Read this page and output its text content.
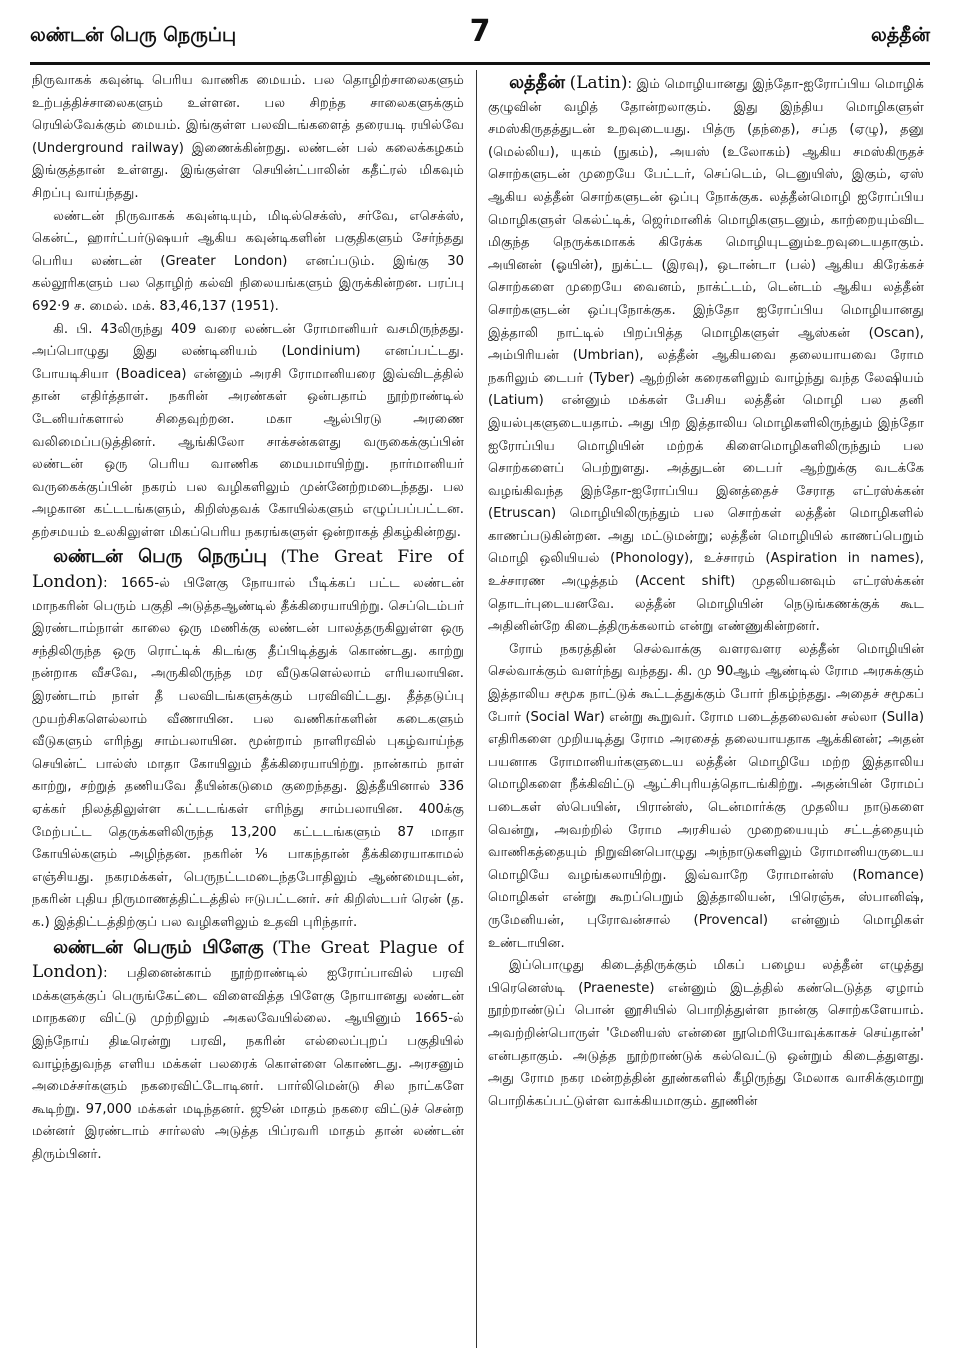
லண்டன் பெரு நெருப்பு	7	லத்தீன்

நிருவாகக் கவுன்டி பெரிய வாணிக மையம். பல தொழிற்சாலைகளும் உற்பத்திச்சாலைகளும் உள்ளன. பல சிறந்த சாலைகளுக்கும் ரெயில்வேக்கும் மையம். இங்குள்ள பலவிடங்களைத் தரையடி ரயில்வே (Underground railway) இணைக்கின்றது. லண்டன் பல் கலைக்கழகம் இங்குத்தான் உள்ளது. இங்குள்ள செயின்ட்பாலின் கதீட்ரல் மிகவும் சிறப்பு வாய்ந்தது.

லண்டன் நிருவாகக் கவுன்டியும், மிடில்செக்ஸ், சர்வே, எசெக்ஸ், கென்ட், ஹார்ட்பர்டுஷயர் ஆகிய கவுன்டிகளின் பகுதிகளும் சேர்ந்தது பெரிய லண்டன் (Greater London) எனப்படும். இங்கு 30 கல்லூரிகளும் பல தொழிற் கல்வி நிலையங்களும் இருக்கின்றன. பரப்பு 692·9 ச. மைல். மக். 83,46,137 (1951).

கி. பி. 43லிருந்து 409 வரை லண்டன் ரோமானியர் வசமிருந்தது. அப்பொழுது இது லண்டினியம் (Londinium) எனப்பட்டது. போயடிசியா (Boadicea) என்னும் அரசி ரோமானியரை இவ்விடத்தில் தான் எதிர்த்தாள். நகரின் அரண்கள் ஒன்பதாம் நூற்றாண்டில் டேனியர்களால் சிதைவுற்றன. மகா ஆல்பிரடு அரணை வலிமைப்படுத்தினர். ஆங்கிலோ சாக்சன்களது வருகைக்குப்பின் லண்டன் ஒரு பெரிய வாணிக மையமாயிற்று. நார்மானியர் வருகைக்குப்பின் நகரம் பல வழிகளிலும் முன்னேற்றமடைந்தது. பல அழகான கட்டடங்களும், கிறிஸ்தவக் கோயில்களும் எழுப்பப்பட்டன. தற்சமயம் உலகிலுள்ள மிகப்பெரிய நகரங்களுள் ஒன்றாகத் திகழ்கின்றது.

லண்டன் பெரு நெருப்பு (The Great Fire of London): 1665-ல் பிளேகு நோயால் பீடிக்கப் பட்ட லண்டன் மாநகரின் பெரும் பகுதி அடுத்தஆண்டில் தீக்கிரையாயிற்று. செப்டெம்பர் இரண்டாம்நாள் காலை ஒரு மணிக்கு லண்டன் பாலத்தருகிலுள்ள ஒரு சந்திலிருந்த ஒரு ரொட்டிக் கிடங்கு தீப்பிடித்துக் கொண்டது. காற்று நன்றாக வீசவே, அருகிலிருந்த மர வீடுகளெல்லாம் எரியலாயின. இரண்டாம் நாள் தீ பலவிடங்களுக்கும் பரவிவிட்டது. தீத்தடுப்பு முயற்சிகளெல்லாம் வீணாயின. பல வணிகர்களின் கடைகளும் வீடுகளும் எரிந்து சாம்பலாயின. மூன்றாம் நாளிரவில் புகழ்வாய்ந்த செயின்ட் பால்ஸ் மாதா கோயிலும் தீக்கிரையாயிற்று. நான்காம் நாள் காற்று, சற்றுத் தணியவே தீயின்கடுமை குறைந்தது. இத்தீயினால் 336 ஏக்கர் நிலத்திலுள்ள கட்டடங்கள் எரிந்து சாம்பலாயின. 400க்கு மேற்பட்ட தெருக்களிலிருந்த 13,200 கட்டடங்களும் 87 மாதா கோயில்களும் அழிந்தன. நகரின் ⅙ பாகந்தான் தீக்கிரையாகாமல் எஞ்சியது. நகரமக்கள், பெருநட்டமடைந்தபோதிலும் ஆண்மையுடன், நகரின் புதிய நிருமாணத்திட்டத்தில் ஈடுபட்டனர். சர் கிறிஸ்டபர் ரென் (த. க.) இத்திட்டத்திற்குப் பல வழிகளிலும் உதவி புரிந்தார்.

லண்டன் பெரும் பிளேகு (The Great Plague of London): பதினைன்காம் நூற்றாண்டில் ஐரோப்பாவில் பரவி மக்களுக்குப் பெருங்கேட்டை விளைவித்த பிளேகு நோயானது லண்டன் மாநகரை விட்டு முற்றிலும் அகலவேயில்லை. ஆயினும் 1665-ல் இந்நோய் திடீரென்று பரவி, நகரின் எல்லைப்புறப் பகுதியில் வாழ்ந்துவந்த எளிய மக்கள் பலரைக் கொள்ளை கொண்டது. அரசனும் அமைச்சர்களும் நகரைவிட்டோடினர். பார்லிமென்டு சில நாட்களே கூடிற்று. 97,000 மக்கள் மடிந்தனர். ஜூன் மாதம் நகரை விட்டுச் சென்ற மன்னர் இரண்டாம் சார்லஸ் அடுத்த பிப்ரவரி மாதம் தான் லண்டன் திரும்பினர்.

லத்தீன் (Latin): இம் மொழியானது இந்தோ-ஐரோப்பிய மொழிக் குழுவின் வழித் தோன்றலாகும். இது இந்திய மொழிகளுள் சமஸ்கிருதத்துடன் உறவுடையது. பித்ரு (தந்தை), சப்த (ஏழு), தனு (மெல்லிய), யுகம் (நுகம்), அயஸ் (உலோகம்) ஆகிய சமஸ்கிருதச் சொற்களுடன் முறையே பேட்டர், செப்டெம், டெனுயிஸ், இகும், ஏஸ் ஆகிய லத்தீன் சொற்களுடன் ஒப்பு நோக்குக. லத்தீன்மொழி ஐரோப்பிய மொழிகளுள் கெல்ட்டிக், ஜெர்மானிக் மொழிகளுடனும், காற்றையும்விட மிகுந்த நெருக்கமாகக் கிரேக்க மொழியுடனும்உறவுடையதாகும். அயினன் (ஓயின்), நுக்ட்ட (இரவு), ஒடான்டா (பல்) ஆகிய கிரேக்கச் சொற்களை முறையே வைனம், நாக்ட்டம், டென்டம் ஆகிய லத்தீன் சொற்களுடன் ஒப்புநோக்குக. இந்தோ ஐரோப்பிய மொழியானது இத்தாலி நாட்டில் பிறப்பித்த மொழிகளுள் ஆஸ்கன் (Oscan), அம்பிரியன் (Umbrian), லத்தீன் ஆகியவை தலையாயவை ரோம நகரிலும் டைபர் (Tyber) ஆற்றின் கரைகளிலும் வாழ்ந்து வந்த லேஷியம் (Latium) என்னும் மக்கள் பேசிய லத்தீன் மொழி பல தனி இயல்புகளுடையதாம். அது பிற இத்தாலிய மொழிகளிலிருந்தும் இந்தோ ஐரோப்பிய மொழியின் மற்றக் கிளைமொழிகளிலிருந்தும் பல சொற்களைப் பெற்றுளது. அத்துடன் டைபர் ஆற்றுக்கு வடக்கே வழங்கிவந்த இந்தோ-ஐரோப்பிய இனத்தைச் சேராத எட்ரஸ்க்கன் (Etruscan) மொழியிலிருந்தும் பல சொற்கள் லத்தீன் மொழிகளில் காணப்படுகின்றன. அது மட்டுமன்று; லத்தீன் மொழியில் காணப்பெறும் மொழி ஒலியியல் (Phonology), உச்சாரம் (Aspiration in names), உச்சாரண அழுத்தம் (Accent shift) முதலியனவும் எட்ரஸ்க்கன் தொடர்புடையனவே. லத்தீன் மொழியின் நெடுங்கணக்குக் கூட அதினின்றே கிடைத்திருக்கலாம் என்று எண்ணுகின்றனர்.

ரோம் நகரத்தின் செல்வாக்கு வளரவளர லத்தீன் மொழியின் செல்வாக்கும் வளர்ந்து வந்தது. கி. மு 90ஆம் ஆண்டில் ரோம அரசுக்கும் இத்தாலிய சமூக நாட்டுக் கூட்டத்துக்கும் போர் நிகழ்ந்தது. அதைச் சமூகப் போர் (Social War) என்று கூறுவர். ரோம படைத்தலைவன் சல்லா (Sulla) எதிரிகளை முறியடித்து ரோம அரசைத் தலையாயதாக ஆக்கினன்; அதன் பயனாக ரோமானியர்களுடைய லத்தீன் மொழியே மற்ற இத்தாலிய மொழிகளை நீக்கிவிட்டு ஆட்சிபுரியத்தொடங்கிற்று. அதன்பின் ரோமப் படைகள் ஸ்பெயின், பிரான்ஸ், டென்மார்க்கு முதலிய நாடுகளை வென்று, அவற்றில் ரோம அரசியல் முறையையும் சட்டத்தையும் வாணிகத்தையும் நிறுவினபொழுது அந்நாடுகளிலும் ரோமானியருடைய மொழியே வழங்கலாயிற்று. இவ்வாறே ரோமான்ஸ் (Romance) மொழிகள் என்று கூறப்பெறும் இத்தாலியன், பிரெஞ்சு, ஸ்பானிஷ், ருமேனியன், புரோவன்சால் (Provencal) என்னும் மொழிகள் உண்டாயின.

இப்பொழுது கிடைத்திருக்கும் மிகப் பழைய லத்தீன் எழுத்து பிரெனெஸ்டி (Praeneste) என்னும் இடத்தில் கண்டெடுத்த ஏழாம் நூற்றாண்டுப் பொன் னூசியில் பொறித்துள்ள நான்கு சொற்களேயாம். அவற்றின்பொருள் 'மேனியஸ் என்னை நூமெரியோவுக்காகச் செய்தான்' என்பதாகும். அடுத்த நூற்றாண்டுக் கல்வெட்டு ஒன்றும் கிடைத்துளது. அது ரோம நகர மன்றத்தின் தூண்களில் கீழிருந்து மேலாக வாசிக்குமாறு பொறிக்கப்பட்டுள்ள வாக்கியமாகும். தூணின்
